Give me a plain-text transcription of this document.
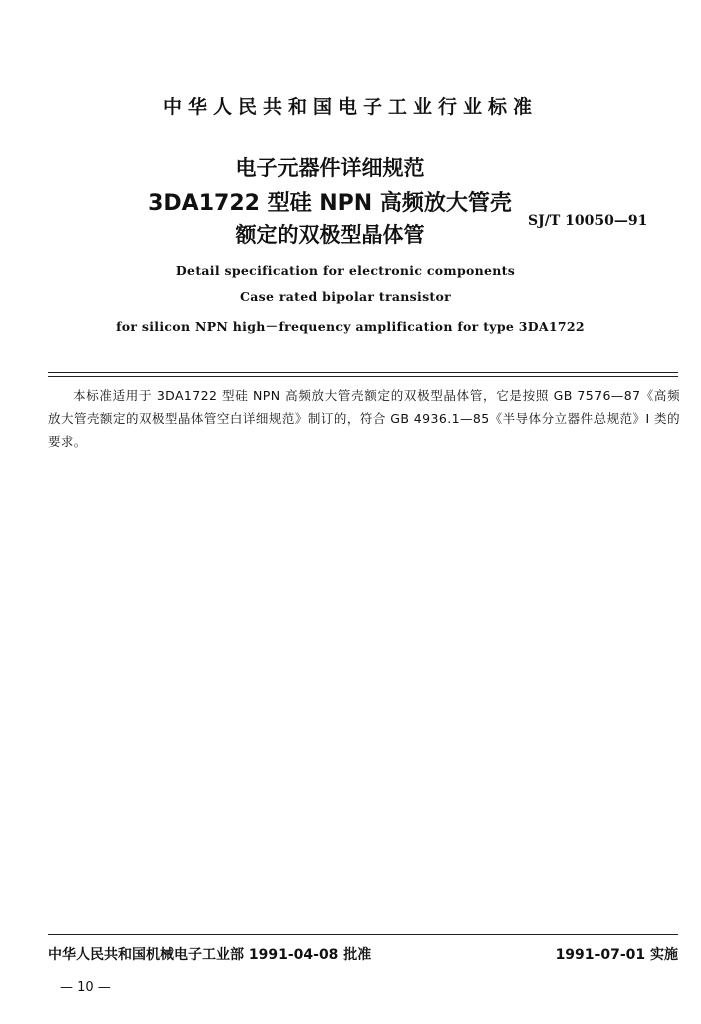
中华人民共和国电子工业行业标准
电子元器件详细规范
3DA1722 型硅 NPN 高频放大管壳
额定的双极型晶体管
SJ/T 10050—91
Detail specification for electronic components
Case rated bipolar transistor
for silicon NPN high－frequency amplification for type 3DA1722
本标准适用于 3DA1722 型硅 NPN 高频放大管壳额定的双极型晶体管，它是按照 GB 7576—87《高频放大管壳额定的双极型晶体管空白详细规范》制订的，符合 GB 4936.1—85《半导体分立器件总规范》I 类的要求。
中华人民共和国机械电子工业部 1991-04-08 批准	1991-07-01 实施
— 10 —
